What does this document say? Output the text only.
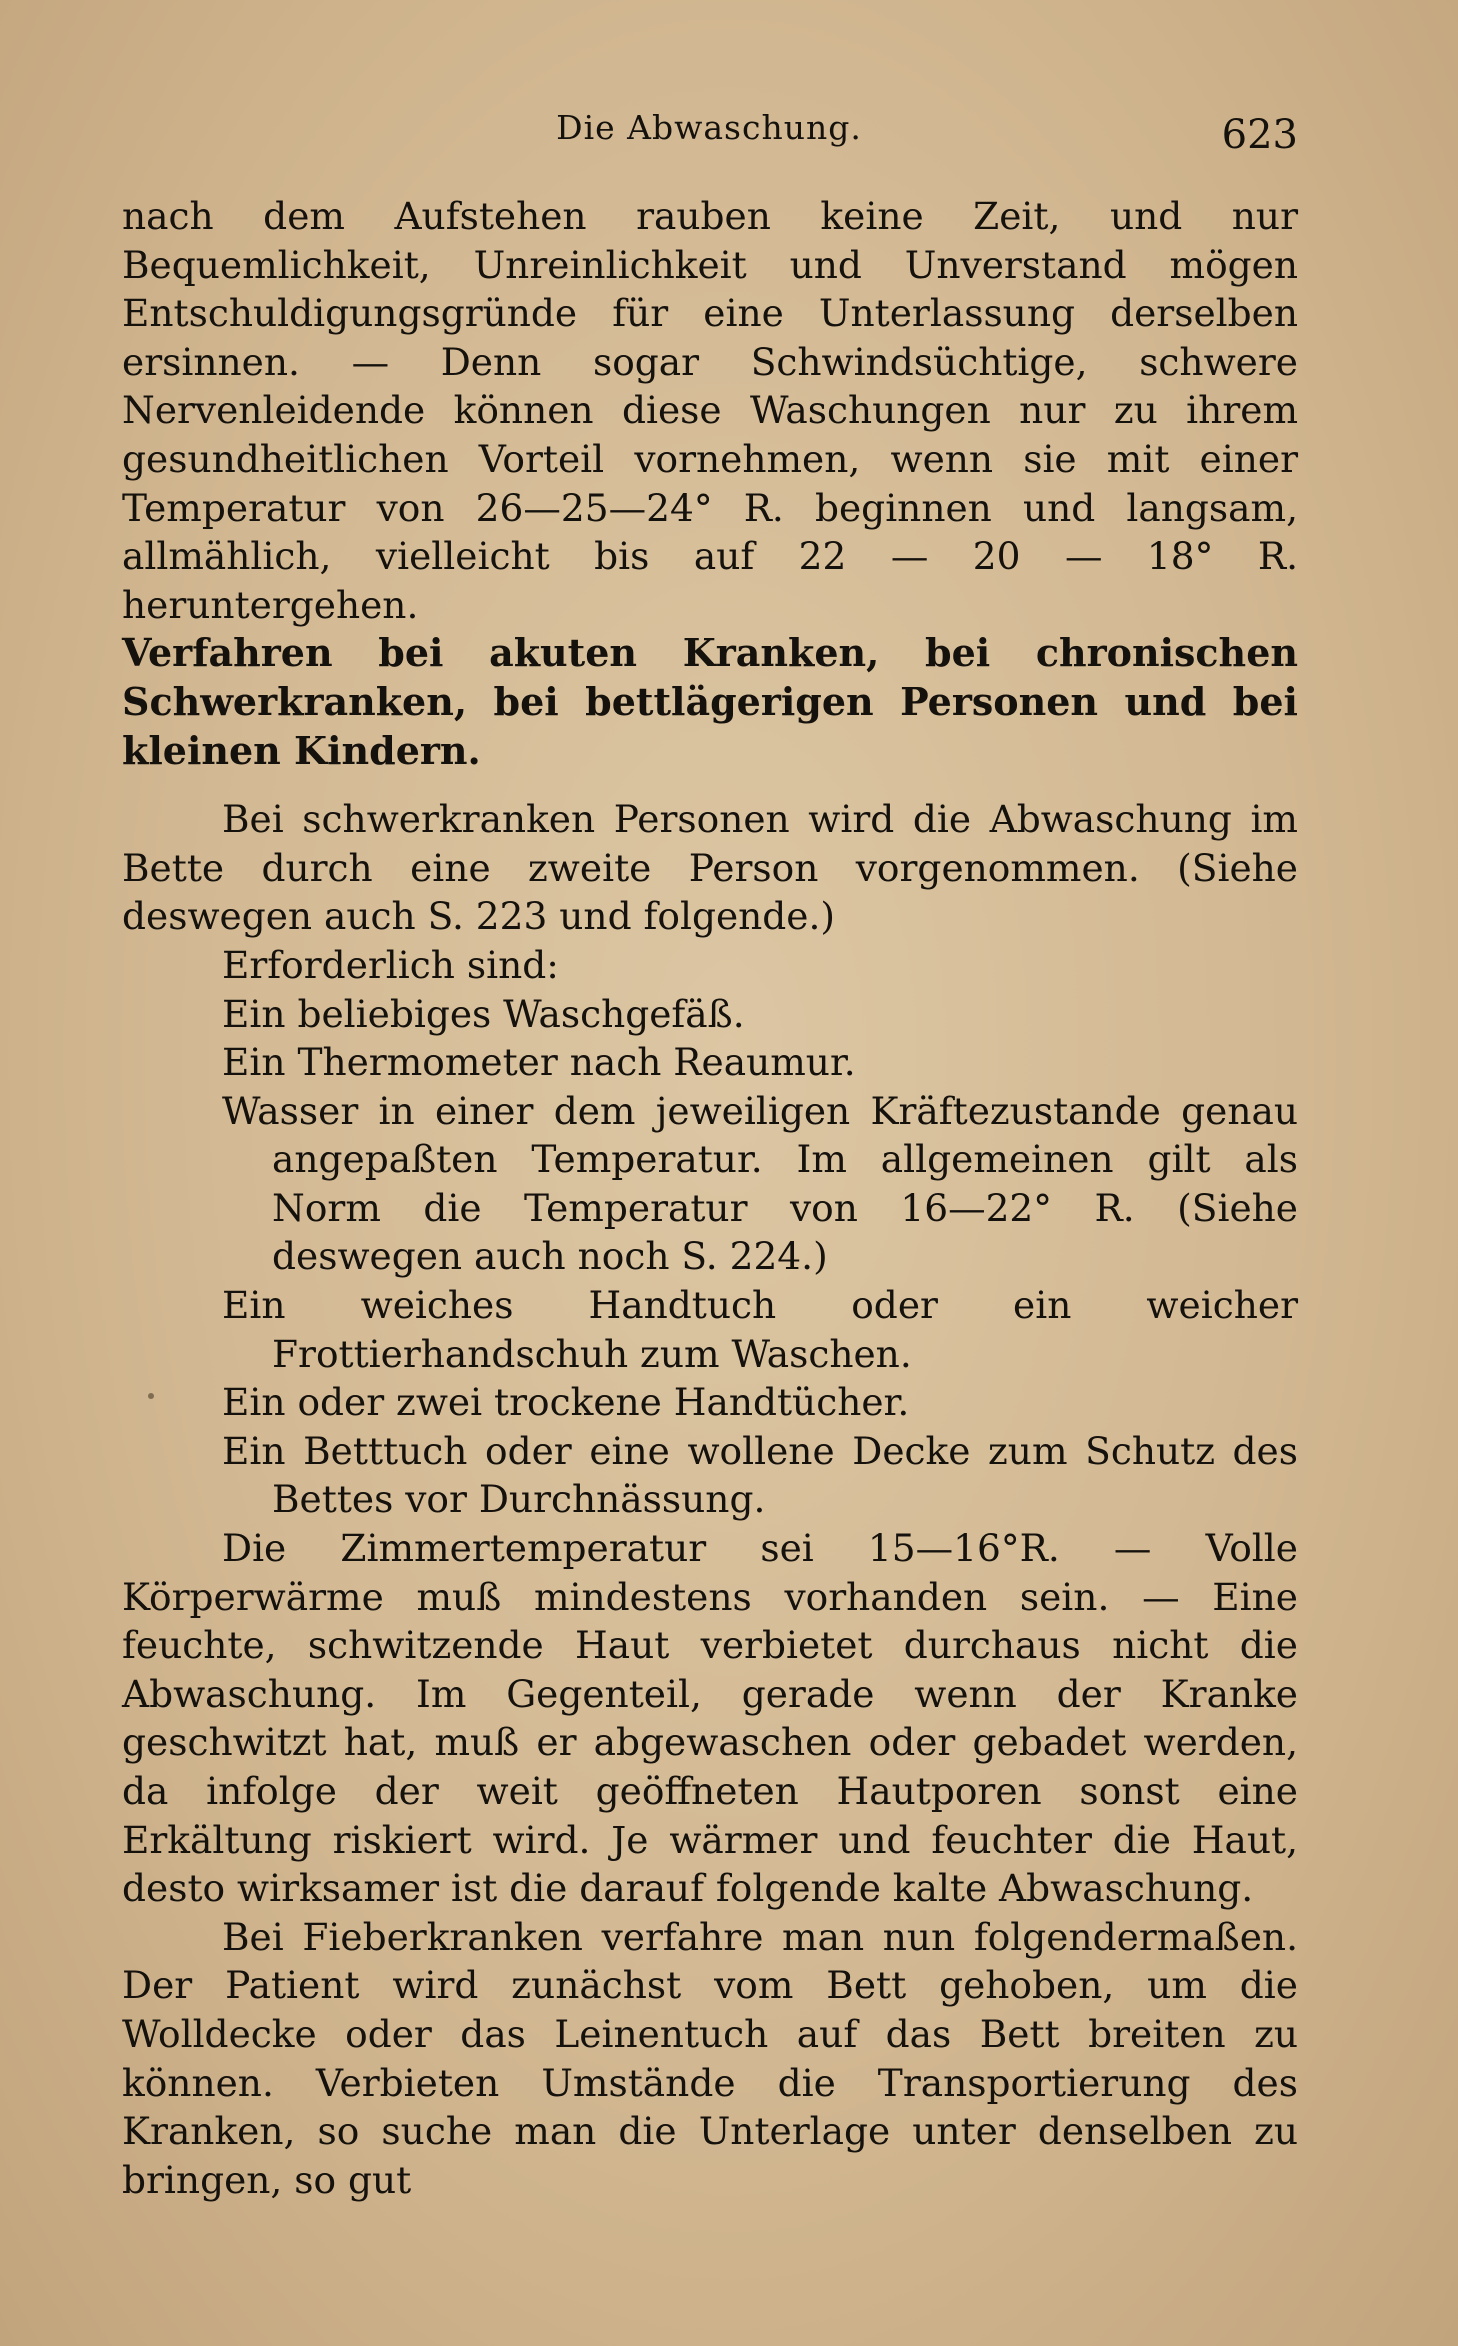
Die Abwaschung.	623

nach dem Aufstehen rauben keine Zeit, und nur Bequemlichkeit, Unreinlichkeit und Unverstand mögen Entschuldigungsgründe für eine Unterlassung derselben ersinnen. — Denn sogar Schwindsüchtige, schwere Nervenleidende können diese Waschungen nur zu ihrem gesundheitlichen Vorteil vornehmen, wenn sie mit einer Temperatur von 26—25—24° R. beginnen und langsam, allmählich, vielleicht bis auf 22 — 20 — 18° R. heruntergehen.

Verfahren bei akuten Kranken, bei chronischen Schwerkranken, bei bettlägerigen Personen und bei kleinen Kindern.

Bei schwerkranken Personen wird die Abwaschung im Bette durch eine zweite Person vorgenommen. (Siehe deswegen auch S. 223 und folgende.)

Erforderlich sind:

Ein beliebiges Waschgefäß.
Ein Thermometer nach Reaumur.
Wasser in einer dem jeweiligen Kräftezustande genau angepaßten Temperatur. Im allgemeinen gilt als Norm die Temperatur von 16—22° R. (Siehe deswegen auch noch S. 224.)
Ein weiches Handtuch oder ein weicher Frottierhandschuh zum Waschen.
Ein oder zwei trockene Handtücher.
Ein Betttuch oder eine wollene Decke zum Schutz des Bettes vor Durchnässung.

Die Zimmertemperatur sei 15—16°R. — Volle Körperwärme muß mindestens vorhanden sein. — Eine feuchte, schwitzende Haut verbietet durchaus nicht die Abwaschung. Im Gegenteil, gerade wenn der Kranke geschwitzt hat, muß er abgewaschen oder gebadet werden, da infolge der weit geöffneten Hautporen sonst eine Erkältung riskiert wird. Je wärmer und feuchter die Haut, desto wirksamer ist die darauf folgende kalte Abwaschung.

Bei Fieberkranken verfahre man nun folgendermaßen. Der Patient wird zunächst vom Bett gehoben, um die Wolldecke oder das Leinentuch auf das Bett breiten zu können. Verbieten Umstände die Transportierung des Kranken, so suche man die Unterlage unter denselben zu bringen, so gut
